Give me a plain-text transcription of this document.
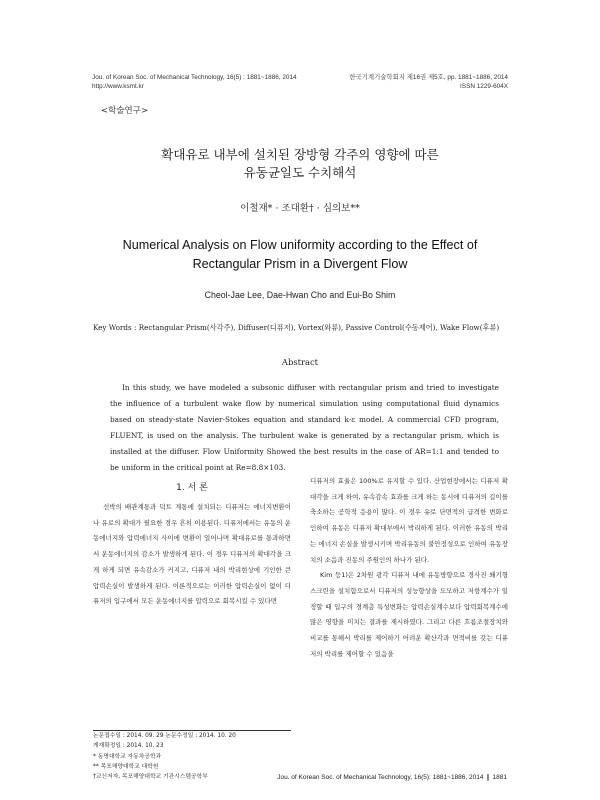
Jou. of Korean Soc. of Mechanical Technology, 16(5) : 1881~1886, 2014
http://www.ksmt.kr
한국기계기술학회지 제16권 제5호, pp. 1881~1886, 2014
ISSN 1229-604X
<학술연구>
확대유로 내부에 설치된 장방형 각주의 영향에 따른
유동균일도 수치해석
이철재* · 조대환† · 심의보**
Numerical Analysis on Flow uniformity according to the Effect of
Rectangular Prism in a Divergent Flow
Cheol-Jae Lee, Dae-Hwan Cho and Eui-Bo Shim
Key Words : Rectangular Prism(사각주), Diffuser(디퓨저), Vortex(와류), Passive Control(수동제어), Wake Flow(후류)
Abstract
In this study, we have modeled a subsonic diffuser with rectangular prism and tried to investigate the influence of a turbulent wake flow by numerical simulation using computational fluid dynamics based on steady-state Navier-Stokes equation and standard k-ε model. A commercial CFD program, FLUENT, is used on the analysis. The turbulent wake is generated by a rectangular prism, which is installed at the diffuser. Flow Uniformity Showed the best results in the case of AR=1:1 and tended to be uniform in the critical point at Re=8.8×103.
1. 서 론

선박의 배관계통과 덕트 계통에 설치되는 디퓨저는 에너지변환이나 유로의 확대가 필요한 경우 흔히 이용된다. 디퓨저에서는 유동의 운동에너지와 압력에너지 사이에 변환이 일어나며 확대유로를 통과하면서 운동에너지의 감소가 발생하게 된다. 이 경우 디퓨저의 확대각을 크게 하게 되면 유속감소가 커지고, 디퓨저 내의 박리현상에 기인한 큰 압력손실이 발생하게 된다. 이론적으로는 이러한 압력손실이 없이 디퓨저의 입구에서 모든 운동에너지를 압력으로 회복시킬 수 있다면

디퓨저의 효율은 100%로 유지할 수 있다. 산업현장에서는 디퓨저 확대각을 크게 하여, 유속감속 효과를 크게 하는 동시에 디퓨저의 길이를 축소하는 공학적 응용이 많다. 이 경우 유로 단면적의 급격한 변화로 인하여 유동은 디퓨저 확대부에서 박리하게 된다. 이러한 유동의 박리는 에너지 손실을 발생시키며 박리유동의 불안정성으로 인하여 유동장치의 소음과 진동의 주원인의 하나가 된다.

Kim 등1)은 2차원 광각 디퓨저 내에 유동방향으로 경사진 쐐기형 스크린을 설치함으로서 디퓨저의 성능향상을 도모하고 저항계수가 일정할 때 입구의 경계층 특성변화는 압력손실계수보다 압력회복계수에 많은 영향을 미치는 결과를 제시하였다. 그리고 다른 흐름조절장치와 비교를 통해서 박리를 제어하기 어려운 확산각과 면적비를 갖는 디퓨저의 박리를 제어할 수 있음을

논문접수일 : 2014. 09. 29 논문수정일 : 2014. 10. 20
게재확정일 : 2014. 10. 23
* 동명대학교 자동차공학과
** 목포해양대학교 대학원
†교신저자, 목포해양대학교 기관시스템공학부	Jou. of Korean Soc. of Mechanical Technology, 16(5): 1881~1886, 2014 ❙ 1881
